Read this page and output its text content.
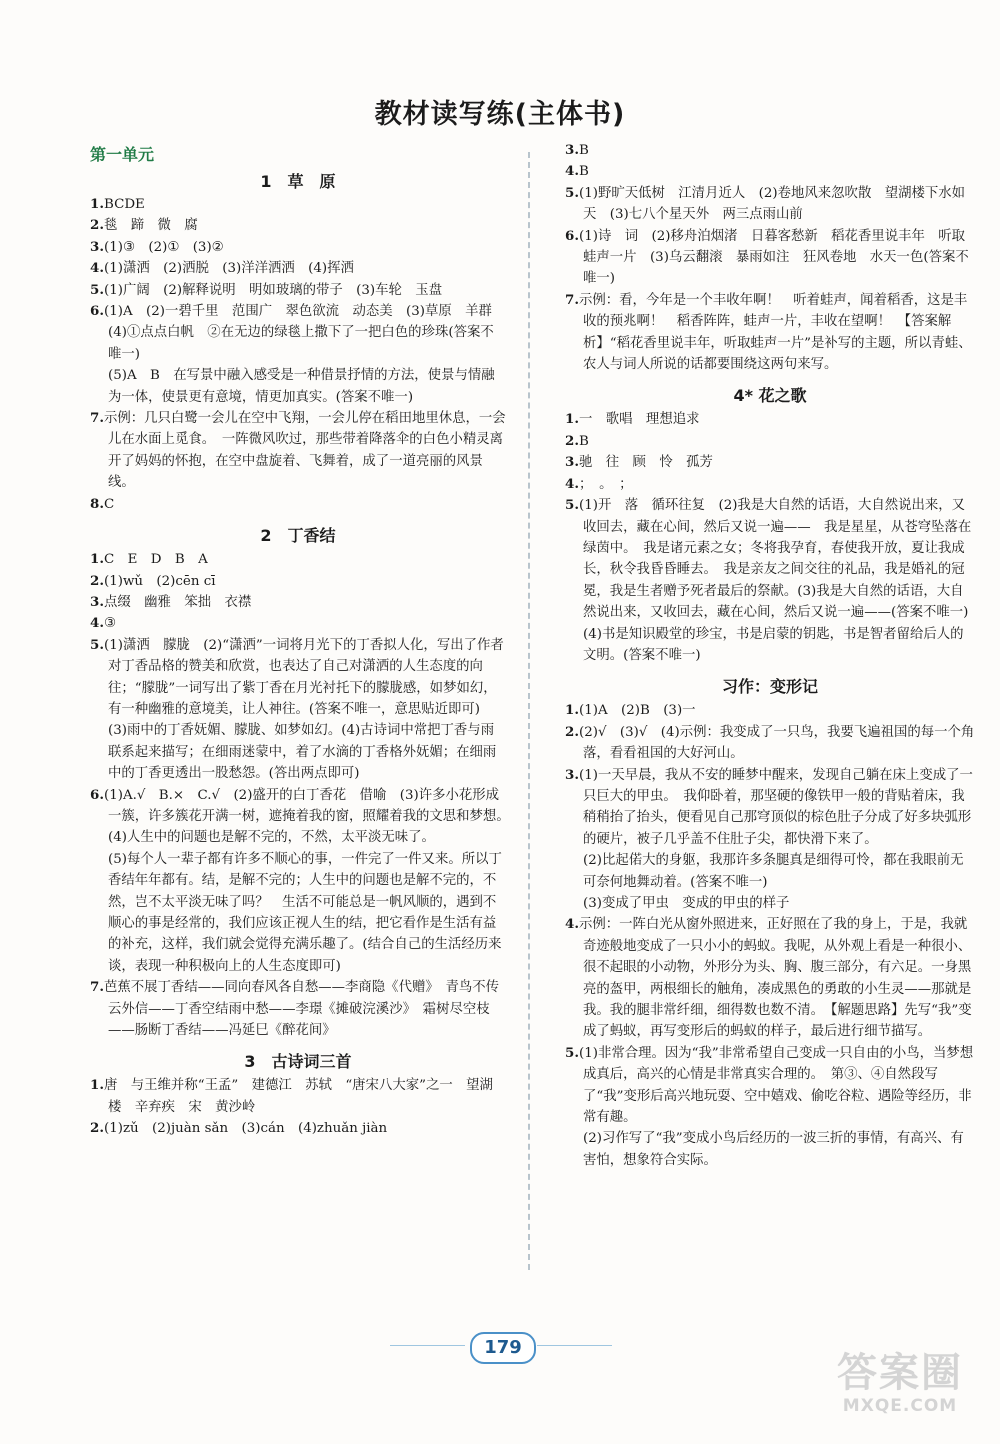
教材读写练(主体书)
第一单元
1　草　原
1.BCDE
2.毯　蹄　微　腐
3.(1)③　(2)①　(3)②
4.(1)潇洒　(2)洒脱　(3)洋洋洒洒　(4)挥洒
5.(1)广阔　(2)解释说明　明如玻璃的带子　(3)车轮　玉盘
6.(1)A　(2)一碧千里　范围广　翠色欲流　动态美　(3)草原　羊群　(4)①点点白帆　②在无边的绿毯上撒下了一把白色的珍珠(答案不唯一)
(5)A　B　在写景中融入感受是一种借景抒情的方法，使景与情融为一体，使景更有意境，情更加真实。(答案不唯一)
7.示例：几只白鹭一会儿在空中飞翔，一会儿停在稻田地里休息，一会儿在水面上觅食。　一阵微风吹过，那些带着降落伞的白色小精灵离开了妈妈的怀抱，在空中盘旋着、飞舞着，成了一道亮丽的风景线。
8.C
2　丁香结
1.C　E　D　B　A
2.(1)wǔ　(2)cēn cī
3.点缀　幽雅　笨拙　衣襟
4.③
5.(1)潇洒　朦胧　(2)“潇洒”一词将月光下的丁香拟人化，写出了作者对丁香品格的赞美和欣赏，也表达了自己对潇洒的人生态度的向往；“朦胧”一词写出了紫丁香在月光衬托下的朦胧感，如梦如幻，有一种幽雅的意境美，让人神往。(答案不唯一，意思贴近即可)　(3)雨中的丁香妩媚、朦胧、如梦如幻。(4)古诗词中常把丁香与雨联系起来描写；在细雨迷蒙中，着了水滴的丁香格外妩媚；在细雨中的丁香更透出一股愁怨。(答出两点即可)
6.(1)A.√　B.×　C.√　(2)盛开的白丁香花　借喻　(3)许多小花形成一簇，许多簇花开满一树，遮掩着我的窗，照耀着我的文思和梦想。　(4)人生中的问题也是解不完的，不然，太平淡无味了。
(5)每个人一辈子都有许多不顺心的事，一件完了一件又来。所以丁香结年年都有。结，是解不完的；人生中的问题也是解不完的，不然，岂不太平淡无味了吗？　生活不可能总是一帆风顺的，遇到不顺心的事是经常的，我们应该正视人生的结，把它看作是生活有益的补充，这样，我们就会觉得充满乐趣了。(结合自己的生活经历来谈，表现一种积极向上的人生态度即可)
7.芭蕉不展丁香结——同向春风各自愁——李商隐《代赠》　青鸟不传云外信——丁香空结雨中愁——李璟《摊破浣溪沙》　霜树尽空枝——肠断丁香结——冯延巳《醉花间》
3　古诗词三首
1.唐　与王维并称“王孟”　建德江　苏轼　“唐宋八大家”之一　望湖楼　辛弃疾　宋　黄沙岭
2.(1)zǔ　(2)juàn sǎn　(3)cán　(4)zhuǎn jiàn
3.B
4.B
5.(1)野旷天低树　江清月近人　(2)卷地风来忽吹散　望湖楼下水如天　(3)七八个星天外　两三点雨山前
6.(1)诗　词　(2)移舟泊烟渚　日暮客愁新　稻花香里说丰年　听取蛙声一片　(3)乌云翻滚　暴雨如注　狂风卷地　水天一色(答案不唯一)
7.示例：看，今年是一个丰收年啊！　听着蛙声，闻着稻香，这是丰收的预兆啊！　稻香阵阵，蛙声一片，丰收在望啊！　【答案解析】“稻花香里说丰年，听取蛙声一片”是补写的主题，所以青蛙、农人与词人所说的话都要围绕这两句来写。
4* 花之歌
1.一　歌唱　理想追求
2.B
3.驰　往　顾　怜　孤芳
4.；　。　；
5.(1)开　落　循环往复　(2)我是大自然的话语，大自然说出来，又收回去，藏在心间，然后又说一遍——　我是星星，从苍穹坠落在绿茵中。　我是诸元素之女；冬将我孕育，春使我开放，夏让我成长，秋令我昏昏睡去。　我是亲友之间交往的礼品，我是婚礼的冠冕，我是生者赠予死者最后的祭献。(3)我是大自然的话语，大自然说出来，又收回去，藏在心间，然后又说一遍——(答案不唯一)　(4)书是知识殿堂的珍宝，书是启蒙的钥匙，书是智者留给后人的文明。(答案不唯一)
习作：变形记
1.(1)A　(2)B　(3)一
2.(2)√　(3)√　(4)示例：我变成了一只鸟，我要飞遍祖国的每一个角落，看看祖国的大好河山。
3.(1)一天早晨，我从不安的睡梦中醒来，发现自己躺在床上变成了一只巨大的甲虫。　我仰卧着，那坚硬的像铁甲一般的背贴着床，我稍稍抬了抬头，便看见自己那穹顶似的棕色肚子分成了好多块弧形的硬片，被子几乎盖不住肚子尖，都快滑下来了。
(2)比起偌大的身躯，我那许多条腿真是细得可怜，都在我眼前无可奈何地舞动着。(答案不唯一)
(3)变成了甲虫　变成的甲虫的样子
4.示例：一阵白光从窗外照进来，正好照在了我的身上，于是，我就奇迹般地变成了一只小小的蚂蚁。我呢，从外观上看是一种很小、很不起眼的小动物，外形分为头、胸、腹三部分，有六足。一身黑亮的盔甲，两根细长的触角，凑成黑色的勇敢的小生灵——那就是我。我的腿非常纤细，细得数也数不清。　【解题思路】先写“我”变成了蚂蚁，再写变形后的蚂蚁的样子，最后进行细节描写。
5.(1)非常合理。因为“我”非常希望自己变成一只自由的小鸟，当梦想成真后，高兴的心情是非常真实合理的。　第③、④自然段写了“我”变形后高兴地玩耍、空中嬉戏、偷吃谷粒、遇险等经历，非常有趣。
(2)习作写了“我”变成小鸟后经历的一波三折的事情，有高兴、有害怕，想象符合实际。
179
答案圈
MXQE.COM
